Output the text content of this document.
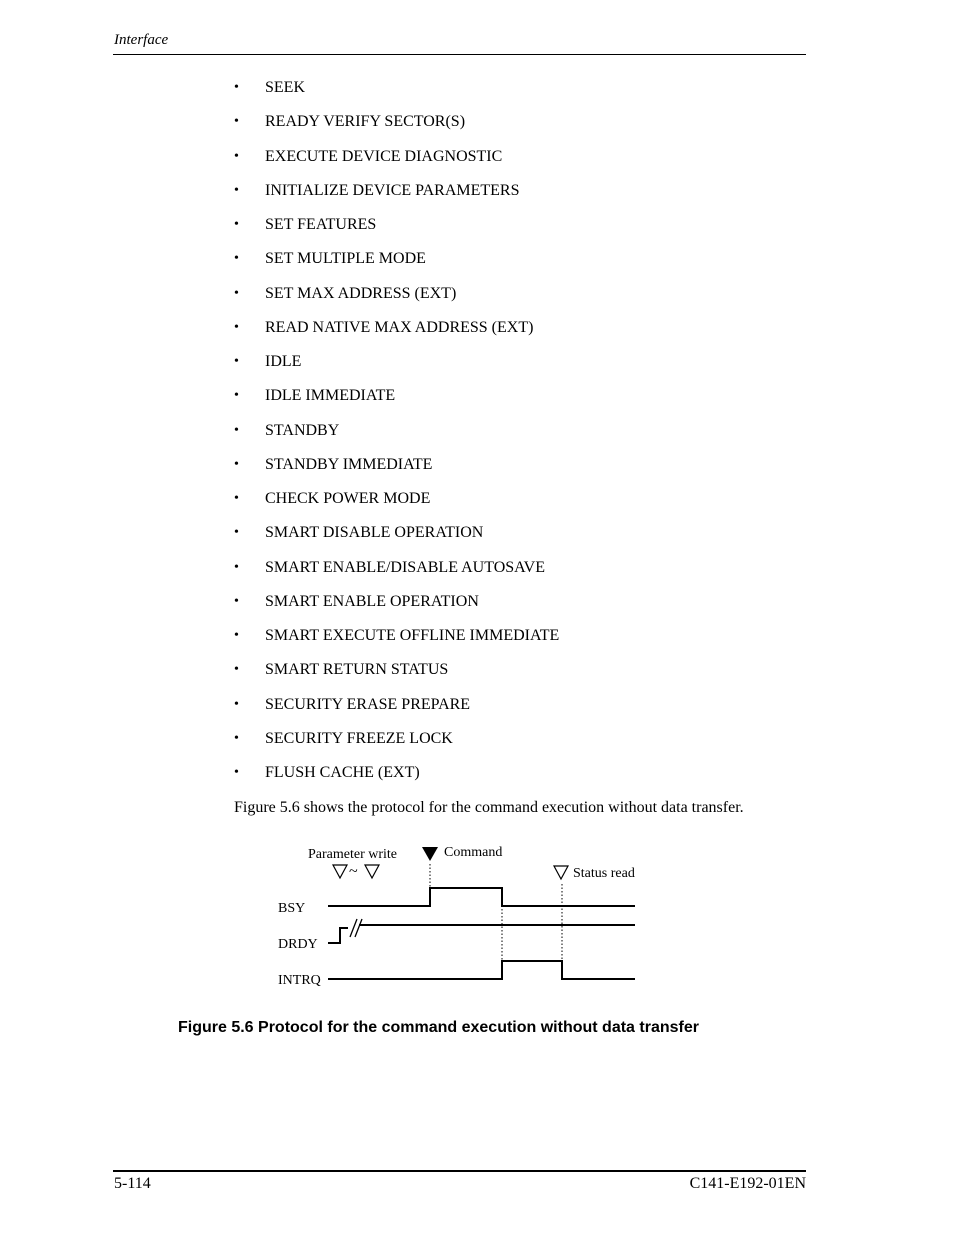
Interface
• SEEK
• READY VERIFY SECTOR(S)
• EXECUTE DEVICE DIAGNOSTIC
• INITIALIZE DEVICE PARAMETERS
• SET FEATURES
• SET MULTIPLE MODE
• SET MAX ADDRESS (EXT)
• READ NATIVE MAX ADDRESS (EXT)
• IDLE
• IDLE IMMEDIATE
• STANDBY
• STANDBY IMMEDIATE
• CHECK POWER MODE
• SMART DISABLE OPERATION
• SMART ENABLE/DISABLE AUTOSAVE
• SMART ENABLE OPERATION
• SMART EXECUTE OFFLINE IMMEDIATE
• SMART RETURN STATUS
• SECURITY ERASE PREPARE
• SECURITY FREEZE LOCK
• FLUSH CACHE (EXT)
Figure 5.6 shows the protocol for the command execution without data transfer.
Parameter write
~
Command
Status read
BSY
DRDY
INTRQ
Figure 5.6 Protocol for the command execution without data transfer
5-114	C141-E192-01EN
